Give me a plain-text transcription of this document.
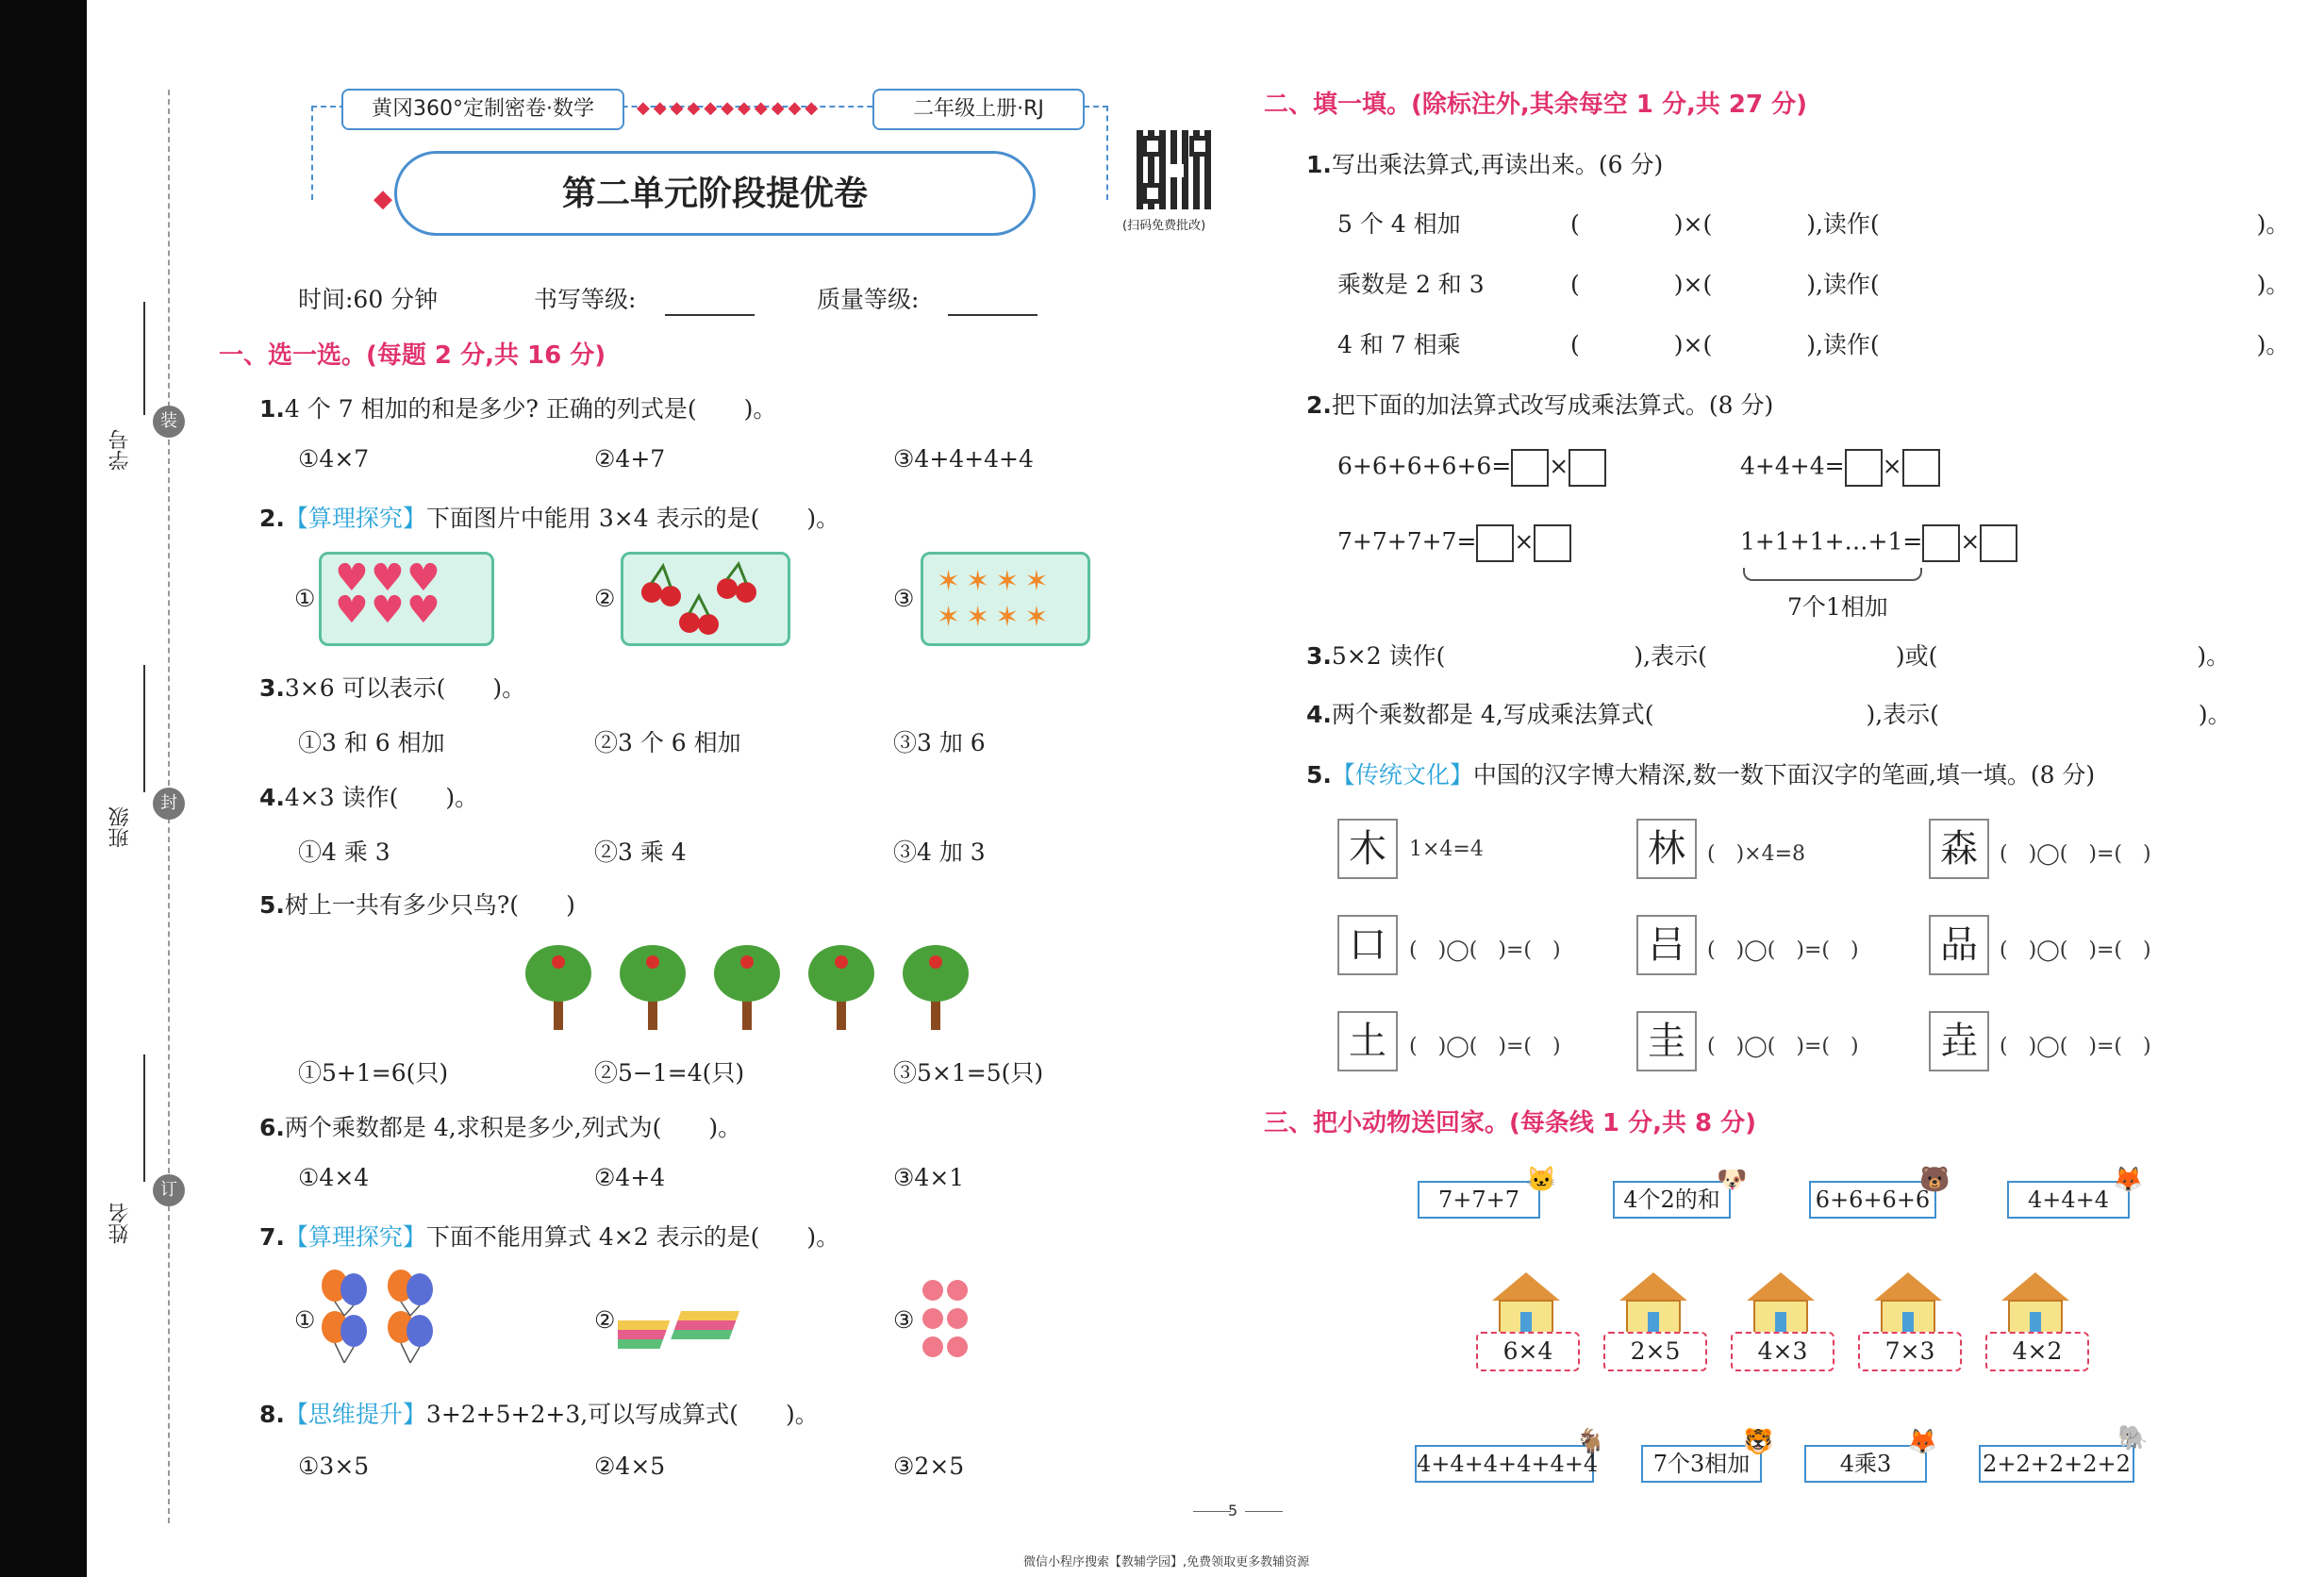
学号
装
班级
封
姓名
订
黄冈360°定制密卷·数学	◆◆◆◆◆◆◆◆◆◆◆	二年级上册·RJ
◆	第二单元阶段提优卷
(扫码免费批改)
时间:60 分钟	书写等级:	质量等级:
一、选一选。(每题 2 分,共 16 分)
1.4 个 7 相加的和是多少? 正确的列式是(　　)。
①4×7	②4+7	③4+4+4+4
2.【算理探究】下面图片中能用 3×4 表示的是(　　)。
① ♥♥♥
♥♥♥	②	③
✶✶✶✶
✶✶✶✶
3.3×6 可以表示(　　)。
①3 和 6 相加	②3 个 6 相加	③3 加 6
4.4×3 读作(　　)。
①4 乘 3	②3 乘 4	③4 加 3
5.树上一共有多少只鸟?(　　)
①5+1=6(只)	②5−1=4(只)	③5×1=5(只)
6.两个乘数都是 4,求积是多少,列式为(　　)。
①4×4	②4+4	③4×1
7.【算理探究】下面不能用算式 4×2 表示的是(　　)。
①	②	③
8.【思维提升】3+2+5+2+3,可以写成算式(　　)。
①3×5	②4×5	③2×5
二、填一填。(除标注外,其余每空 1 分,共 27 分)
1.写出乘法算式,再读出来。(6 分)
5 个 4 相加	(　　　　)×(　　　　),读作(　　　　　　　　　　　　　　　　)。
乘数是 2 和 3	(　　　　)×(　　　　),读作(　　　　　　　　　　　　　　　　)。
4 和 7 相乘	(　　　　)×(　　　　),读作(　　　　　　　　　　　　　　　　)。
2.把下面的加法算式改写成乘法算式。(8 分)
6+6+6+6+6= ×	4+4+4= ×
7+7+7+7= ×	1+1+1+…+1= ×
7个1相加
3.5×2 读作(　　　　　　　　),表示(　　　　　　　　)或(　　　　　　　　　　　)。
4.两个乘数都是 4,写成乘法算式(　　　　　　　　　),表示(　　　　　　　　　　　)。
5.【传统文化】中国的汉字博大精深,数一数下面汉字的笔画,填一填。(8 分)
木	1×4=4	林	(　)×4=8	森	(　)◯(　)=(　)
口	(　)◯(　)=(　)	吕	(　)◯(　)=(　)	品	(　)◯(　)=(　)
土	(　)◯(　)=(　)	圭	(　)◯(　)=(　)	垚	(　)◯(　)=(　)
三、把小动物送回家。(每条线 1 分,共 8 分)
7+7+7
🐱
4个2的和
🐶
6+6+6+6
🐻
4+4+4
🦊
6×4	2×5	4×3	7×3	4×2
4+4+4+4+4+4
🐐
7个3相加
🐯
4乘3
🦊
2+2+2+2+2
🐘
5
微信小程序搜索【教辅学园】,免费领取更多教辅资源
